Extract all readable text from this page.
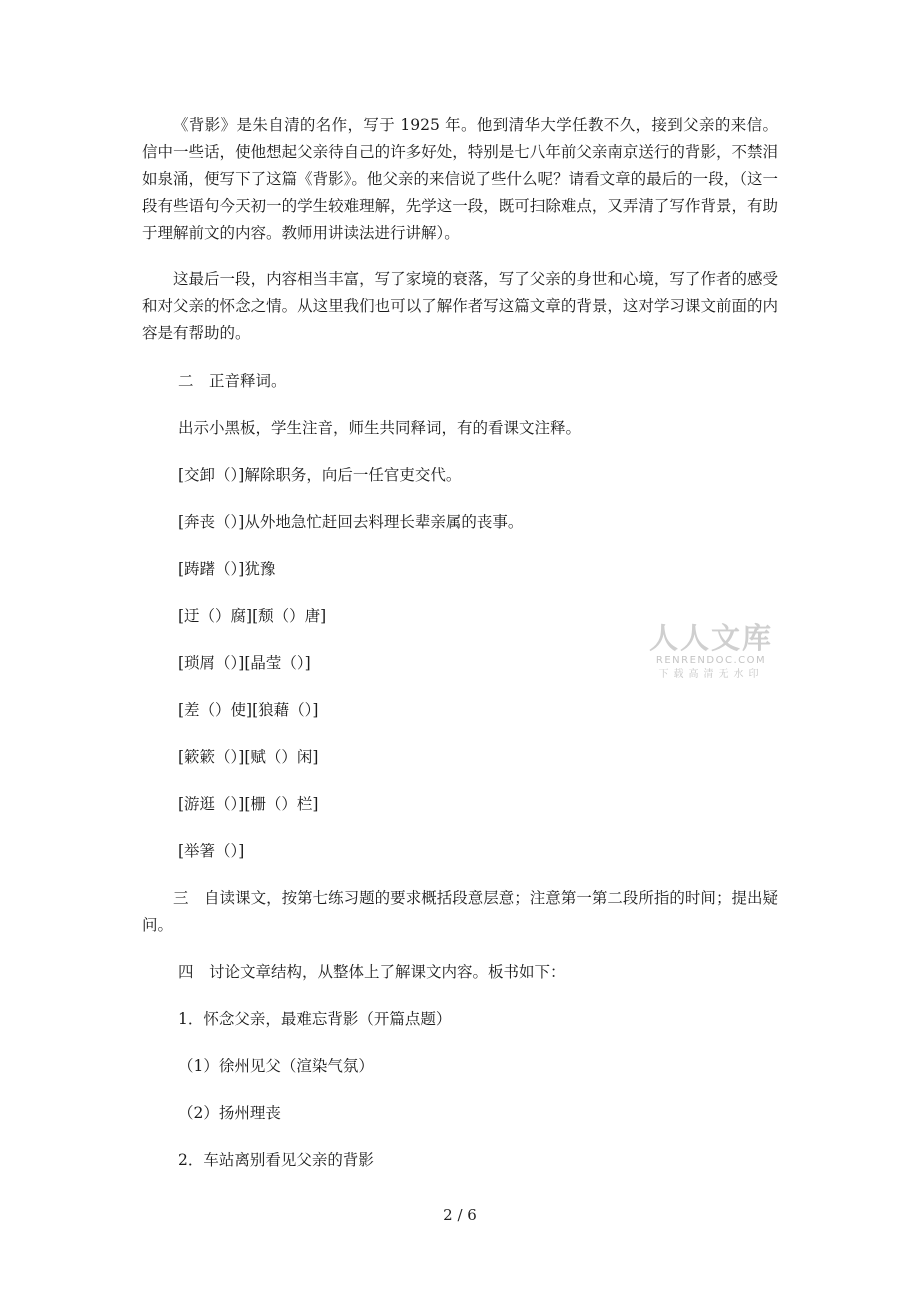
《背影》是朱自清的名作，写于 1925 年。他到清华大学任教不久，接到父亲的来信。信中一些话，使他想起父亲待自己的许多好处，特别是七八年前父亲南京送行的背影，不禁泪如泉涌，便写下了这篇《背影》。他父亲的来信说了些什么呢？请看文章的最后的一段，（这一段有些语句今天初一的学生较难理解，先学这一段，既可扫除难点，又弄清了写作背景，有助于理解前文的内容。教师用讲读法进行讲解）。

这最后一段，内容相当丰富，写了家境的衰落，写了父亲的身世和心境，写了作者的感受和对父亲的怀念之情。从这里我们也可以了解作者写这篇文章的背景，这对学习课文前面的内容是有帮助的。

二　正音释词。
出示小黑板，学生注音，师生共同释词，有的看课文注释。
[交卸（）]解除职务，向后一任官吏交代。
[奔丧（）]从外地急忙赶回去料理长辈亲属的丧事。
[踌躇（）]犹豫
[迂（）腐][颓（）唐]
[琐屑（）][晶莹（）]
[差（）使][狼藉（）]
[簌簌（）][赋（）闲]
[游逛（）][栅（）栏]
[举箸（）]

三　自读课文，按第七练习题的要求概括段意层意；注意第一第二段所指的时间；提出疑问。

四　讨论文章结构，从整体上了解课文内容。板书如下：
1．怀念父亲，最难忘背影（开篇点题）
（1）徐州见父（渲染气氛）
（2）扬州理丧
2．车站离别看见父亲的背影
人人文库
RENRENDOC.COM
下载高清无水印
2 / 6
